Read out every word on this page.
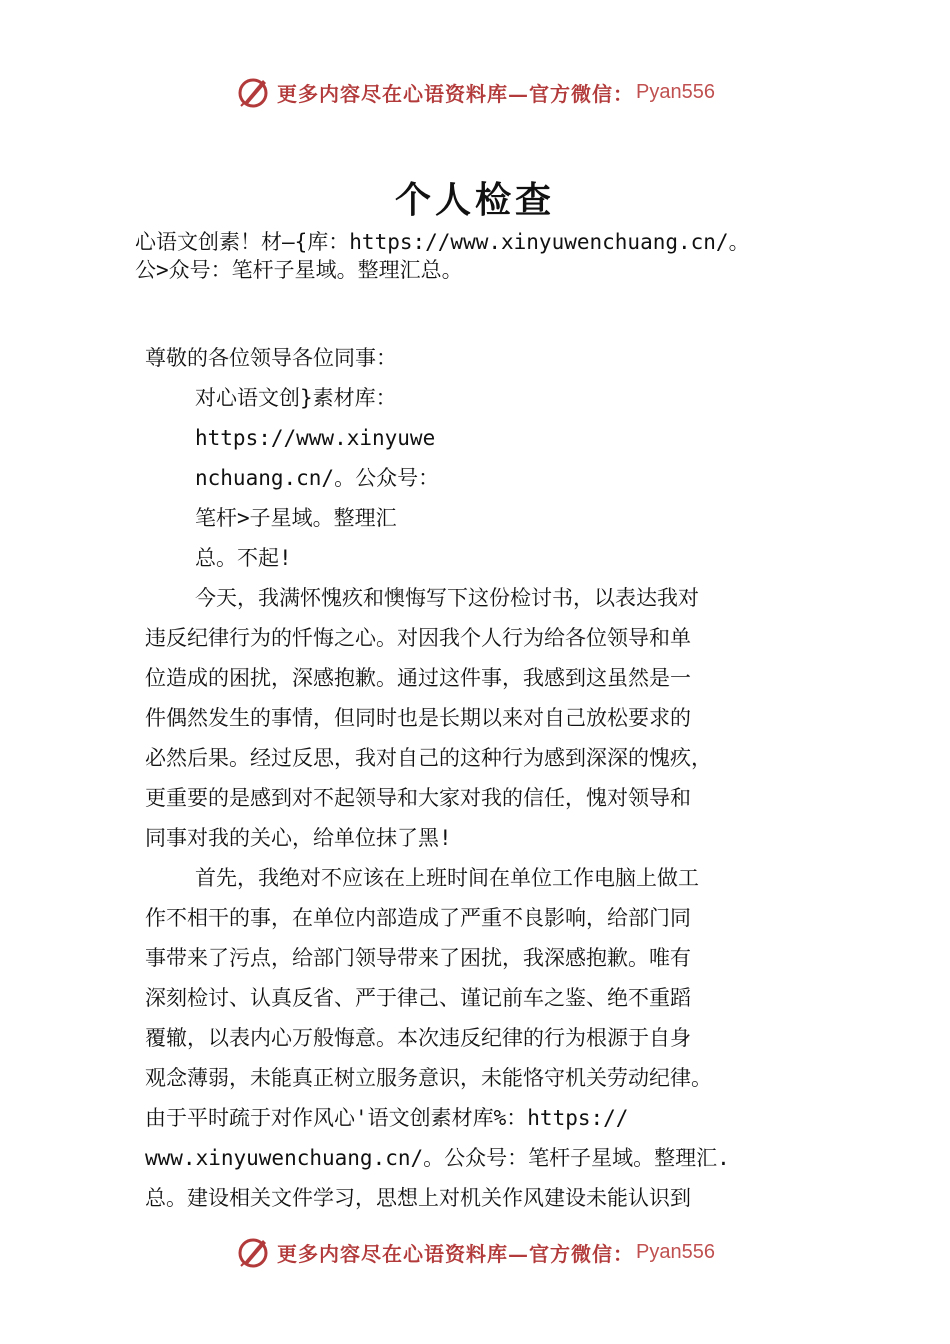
更多内容尽在心语资料库—官方微信： Pyan556
个人检查
心语文创素！材—{库：https://www.xinyuwenchuang.cn/。
公>众号：笔杆子星域。整理汇总。
尊敬的各位领导各位同事：
对心语文创}素材库：
https://www.xinyuwe
nchuang.cn/。公众号：
笔杆>子星域。整理汇
总。不起!
今天，我满怀愧疚和懊悔写下这份检讨书，以表达我对
违反纪律行为的忏悔之心。对因我个人行为给各位领导和单
位造成的困扰，深感抱歉。通过这件事，我感到这虽然是一
件偶然发生的事情，但同时也是长期以来对自己放松要求的
必然后果。经过反思，我对自己的这种行为感到深深的愧疚，
更重要的是感到对不起领导和大家对我的信任，愧对领导和
同事对我的关心，给单位抹了黑!
首先，我绝对不应该在上班时间在单位工作电脑上做工
作不相干的事，在单位内部造成了严重不良影响，给部门同
事带来了污点，给部门领导带来了困扰，我深感抱歉。唯有
深刻检讨、认真反省、严于律己、谨记前车之鉴、绝不重蹈
覆辙，以表内心万般悔意。本次违反纪律的行为根源于自身
观念薄弱，未能真正树立服务意识，未能恪守机关劳动纪律。
由于平时疏于对作风心'语文创素材库%：https://
www.xinyuwenchuang.cn/。公众号：笔杆子星域。整理汇.
总。建设相关文件学习，思想上对机关作风建设未能认识到
更多内容尽在心语资料库—官方微信： Pyan556
